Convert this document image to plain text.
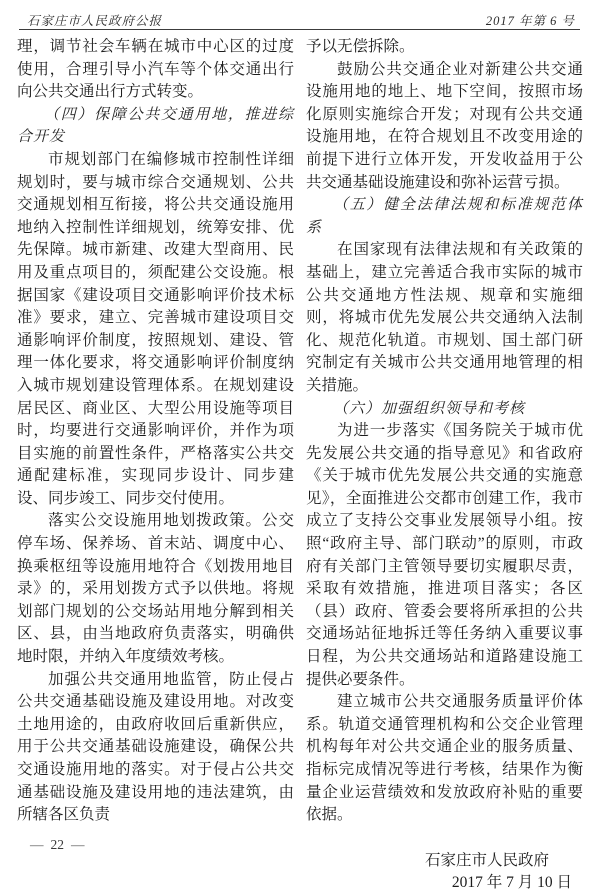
石家庄市人民政府公报	2017 年第 6 号

理，调节社会车辆在城市中心区的过度使用，合理引导小汽车等个体交通出行向公共交通出行方式转变。

（四）保障公共交通用地，推进综合开发

市规划部门在编修城市控制性详细规划时，要与城市综合交通规划、公共交通规划相互衔接，将公共交通设施用地纳入控制性详细规划，统筹安排、优先保障。城市新建、改建大型商用、民用及重点项目的，须配建公交设施。根据国家《建设项目交通影响评价技术标准》要求，建立、完善城市建设项目交通影响评价制度，按照规划、建设、管理一体化要求，将交通影响评价制度纳入城市规划建设管理体系。在规划建设居民区、商业区、大型公用设施等项目时，均要进行交通影响评价，并作为项目实施的前置性条件，严格落实公共交通配建标准，实现同步设计、同步建设、同步竣工、同步交付使用。

落实公交设施用地划拨政策。公交停车场、保养场、首末站、调度中心、换乘枢纽等设施用地符合《划拨用地目录》的，采用划拨方式予以供地。将规划部门规划的公交场站用地分解到相关区、县，由当地政府负责落实，明确供地时限，并纳入年度绩效考核。

加强公共交通用地监管，防止侵占公共交通基础设施及建设用地。对改变土地用途的，由政府收回后重新供应，用于公共交通基础设施建设，确保公共交通设施用地的落实。对于侵占公共交通基础设施及建设用地的违法建筑，由所辖各区负责

予以无偿拆除。

鼓励公共交通企业对新建公共交通设施用地的地上、地下空间，按照市场化原则实施综合开发；对现有公共交通设施用地，在符合规划且不改变用途的前提下进行立体开发，开发收益用于公共交通基础设施建设和弥补运营亏损。

（五）健全法律法规和标准规范体系

在国家现有法律法规和有关政策的基础上，建立完善适合我市实际的城市公共交通地方性法规、规章和实施细则，将城市优先发展公共交通纳入法制化、规范化轨道。市规划、国土部门研究制定有关城市公共交通用地管理的相关措施。

（六）加强组织领导和考核

为进一步落实《国务院关于城市优先发展公共交通的指导意见》和省政府《关于城市优先发展公共交通的实施意见》，全面推进公交都市创建工作，我市成立了支持公交事业发展领导小组。按照“政府主导、部门联动”的原则，市政府有关部门主管领导要切实履职尽责，采取有效措施，推进项目落实；各区（县）政府、管委会要将所承担的公共交通场站征地拆迁等任务纳入重要议事日程，为公共交通场站和道路建设施工提供必要条件。

建立城市公共交通服务质量评价体系。轨道交通管理机构和公交企业管理机构每年对公共交通企业的服务质量、指标完成情况等进行考核，结果作为衡量企业运营绩效和发放政府补贴的重要依据。

石家庄市人民政府

2017 年 7 月 10 日

— 22 —
